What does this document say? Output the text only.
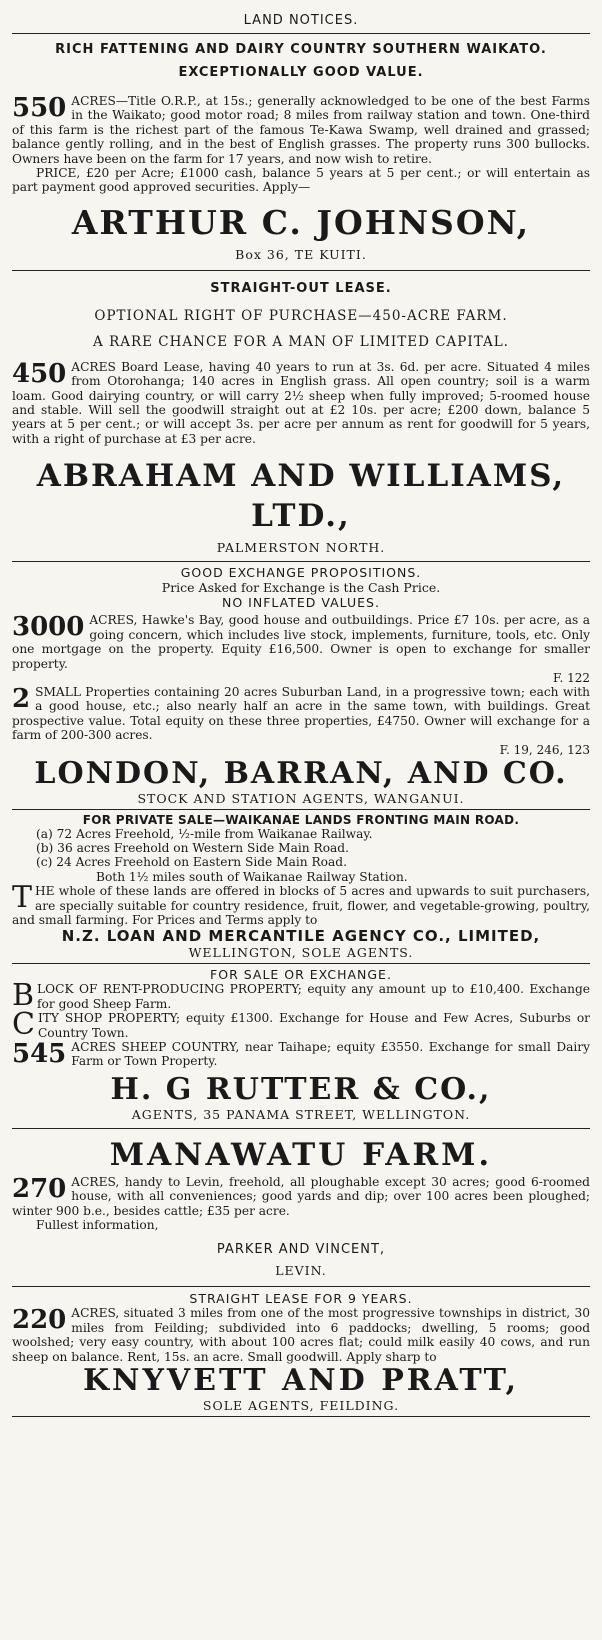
LAND NOTICES.
RICH FATTENING AND DAIRY COUNTRY SOUTHERN WAIKATO.
EXCEPTIONALLY GOOD VALUE.
550 ACRES—Title O.R.P., at 15s.; generally acknowledged to be one of the best Farms in the Waikato; good motor road; 8 miles from railway station and town. One-third of this farm is the richest part of the famous Te-Kawa Swamp, well drained and grassed; balance gently rolling, and in the best of English grasses. The property runs 300 bullocks. Owners have been on the farm for 17 years, and now wish to retire.

PRICE, £20 per Acre; £1000 cash, balance 5 years at 5 per cent.; or will entertain as part payment good approved securities. Apply—

ARTHUR C. JOHNSON,
Box 36, TE KUITI.
STRAIGHT-OUT LEASE.
OPTIONAL RIGHT OF PURCHASE—450-ACRE FARM.
A RARE CHANCE FOR A MAN OF LIMITED CAPITAL.
450 ACRES Board Lease, having 40 years to run at 3s. 6d. per acre. Situated 4 miles from Otorohanga; 140 acres in English grass. All open country; soil is a warm loam. Good dairying country, or will carry 2½ sheep when fully improved; 5-roomed house and stable. Will sell the goodwill straight out at £2 10s. per acre; £200 down, balance 5 years at 5 per cent.; or will accept 3s. per acre per annum as rent for goodwill for 5 years, with a right of purchase at £3 per acre.

ABRAHAM AND WILLIAMS, LTD.,
PALMERSTON NORTH.
GOOD EXCHANGE PROPOSITIONS.
Price Asked for Exchange is the Cash Price.
NO INFLATED VALUES.
3000 ACRES, Hawke's Bay, good house and outbuildings. Price £7 10s. per acre, as a going concern, which includes live stock, implements, furniture, tools, etc. Only one mortgage on the property. Equity £16,500. Owner is open to exchange for smaller property.

F. 122
2 SMALL Properties containing 20 acres Suburban Land, in a progressive town; each with a good house, etc.; also nearly half an acre in the same town, with buildings. Great prospective value. Total equity on these three properties, £4750. Owner will exchange for a farm of 200-300 acres.

F. 19, 246, 123
LONDON, BARRAN, AND CO.
STOCK AND STATION AGENTS, WANGANUI.
FOR PRIVATE SALE—WAIKANAE LANDS FRONTING MAIN ROAD.
(a) 72 Acres Freehold, ½-mile from Waikanae Railway.
(b) 36 acres Freehold on Western Side Main Road.
(c) 24 Acres Freehold on Eastern Side Main Road.
Both 1½ miles south of Waikanae Railway Station.
T HE whole of these lands are offered in blocks of 5 acres and upwards to suit purchasers, are specially suitable for country residence, fruit, flower, and vegetable-growing, poultry, and small farming. For Prices and Terms apply to

N.Z. LOAN AND MERCANTILE AGENCY CO., LIMITED,
WELLINGTON, SOLE AGENTS.
FOR SALE OR EXCHANGE.
B LOCK OF RENT-PRODUCING PROPERTY; equity any amount up to £10,400. Exchange for good Sheep Farm.

C ITY SHOP PROPERTY; equity £1300. Exchange for House and Few Acres, Suburbs or Country Town.

545 ACRES SHEEP COUNTRY, near Taihape; equity £3550. Exchange for small Dairy Farm or Town Property.

H. G RUTTER & CO.,
AGENTS, 35 PANAMA STREET, WELLINGTON.
MANAWATU FARM.
270 ACRES, handy to Levin, freehold, all ploughable except 30 acres; good 6-roomed house, with all conveniences; good yards and dip; over 100 acres been ploughed; winter 900 b.e., besides cattle; £35 per acre.

Fullest information,
PARKER AND VINCENT,
LEVIN.
STRAIGHT LEASE FOR 9 YEARS.
220 ACRES, situated 3 miles from one of the most progressive townships in district, 30 miles from Feilding; subdivided into 6 paddocks; dwelling, 5 rooms; good woolshed; very easy country, with about 100 acres flat; could milk easily 40 cows, and run sheep on balance. Rent, 15s. an acre. Small goodwill. Apply sharp to

KNYVETT AND PRATT,
SOLE AGENTS, FEILDING.
